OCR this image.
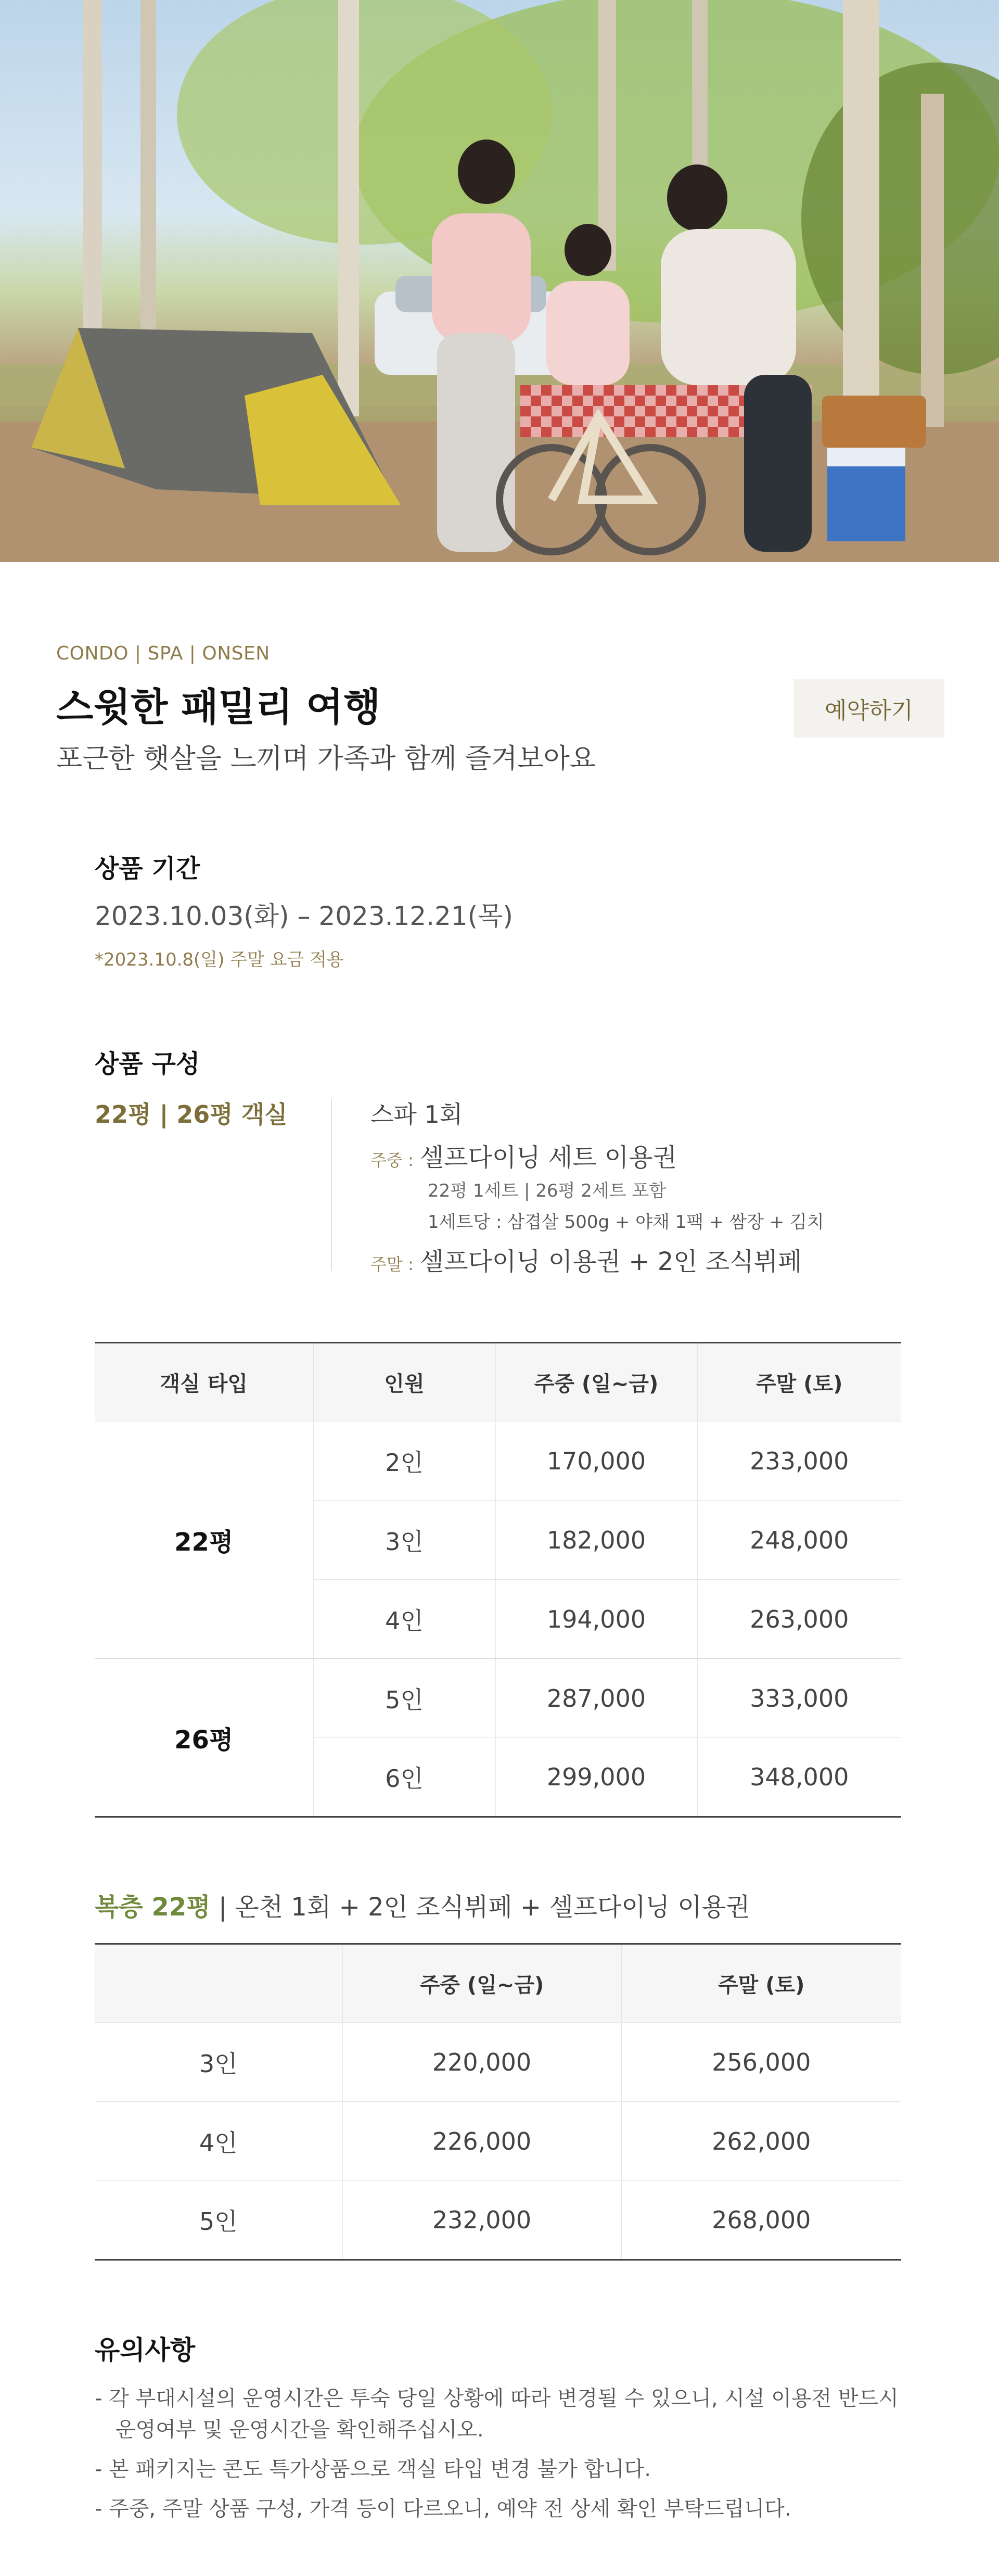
CONDO | SPA | ONSEN
스윗한 패밀리 여행

포근한 햇살을 느끼며 가족과 함께 즐겨보아요

예약하기
상품 기간
2023.10.03(화) – 2023.12.21(목)
*2023.10.8(일) 주말 요금 적용
상품 구성
22평 | 26평 객실	스파 1회
주중 : 셀프다이닝 세트 이용권
22평 1세트 | 26평 2세트 포함
1세트당 : 삼겹살 500g + 야채 1팩 + 쌈장 + 김치
주말 : 셀프다이닝 이용권 + 2인 조식뷔페
객실 타입	인원	주중 (일~금)	주말 (토)
22평	2인	170,000	233,000
	3인	182,000	248,000
	4인	194,000	263,000
26평	5인	287,000	333,000
	6인	299,000	348,000
복층 22평 | 온천 1회 + 2인 조식뷔페 + 셀프다이닝 이용권
	주중 (일~금)	주말 (토)
3인	220,000	256,000
4인	226,000	262,000
5인	232,000	268,000
유의사항
- 각 부대시설의 운영시간은 투숙 당일 상황에 따라 변경될 수 있으니, 시설 이용전 반드시 운영여부 및 운영시간을 확인해주십시오.
- 본 패키지는 콘도 특가상품으로 객실 타입 변경 불가 합니다.
- 주중, 주말 상품 구성, 가격 등이 다르오니, 예약 전 상세 확인 부탁드립니다.
